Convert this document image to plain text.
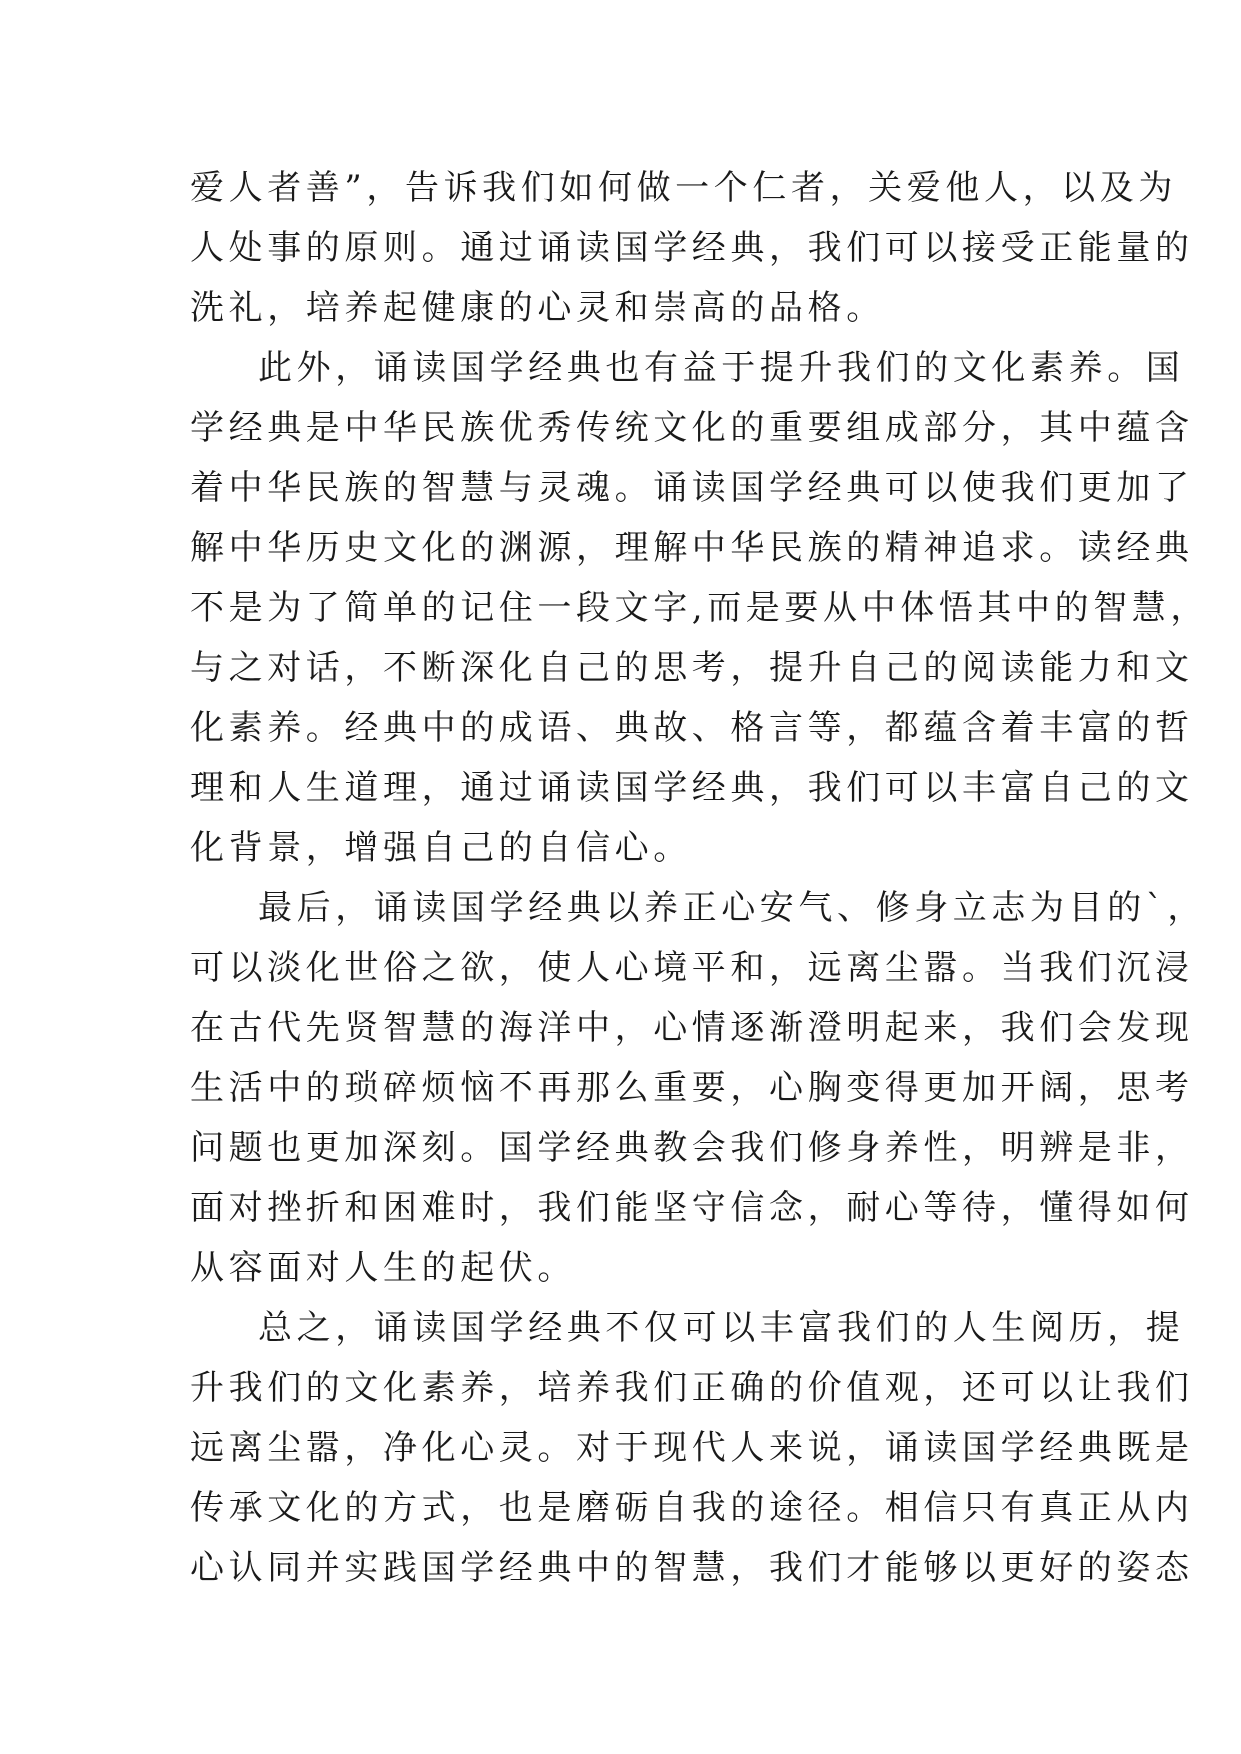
爱人者善”，告诉我们如何做一个仁者，关爱他人，以及为
人处事的原则。通过诵读国学经典，我们可以接受正能量的
洗礼，培养起健康的心灵和崇高的品格。
此外，诵读国学经典也有益于提升我们的文化素养。国
学经典是中华民族优秀传统文化的重要组成部分，其中蕴含
着中华民族的智慧与灵魂。诵读国学经典可以使我们更加了
解中华历史文化的渊源，理解中华民族的精神追求。读经典
不是为了简单的记住一段文字,而是要从中体悟其中的智慧，
与之对话，不断深化自己的思考，提升自己的阅读能力和文
化素养。经典中的成语、典故、格言等，都蕴含着丰富的哲
理和人生道理，通过诵读国学经典，我们可以丰富自己的文
化背景，增强自己的自信心。
最后，诵读国学经典以养正心安气、修身立志为目的`，
可以淡化世俗之欲，使人心境平和，远离尘嚣。当我们沉浸
在古代先贤智慧的海洋中，心情逐渐澄明起来，我们会发现
生活中的琐碎烦恼不再那么重要，心胸变得更加开阔，思考
问题也更加深刻。国学经典教会我们修身养性，明辨是非，
面对挫折和困难时，我们能坚守信念，耐心等待，懂得如何
从容面对人生的起伏。
总之，诵读国学经典不仅可以丰富我们的人生阅历，提
升我们的文化素养，培养我们正确的价值观，还可以让我们
远离尘嚣，净化心灵。对于现代人来说，诵读国学经典既是
传承文化的方式，也是磨砺自我的途径。相信只有真正从内
心认同并实践国学经典中的智慧，我们才能够以更好的姿态
